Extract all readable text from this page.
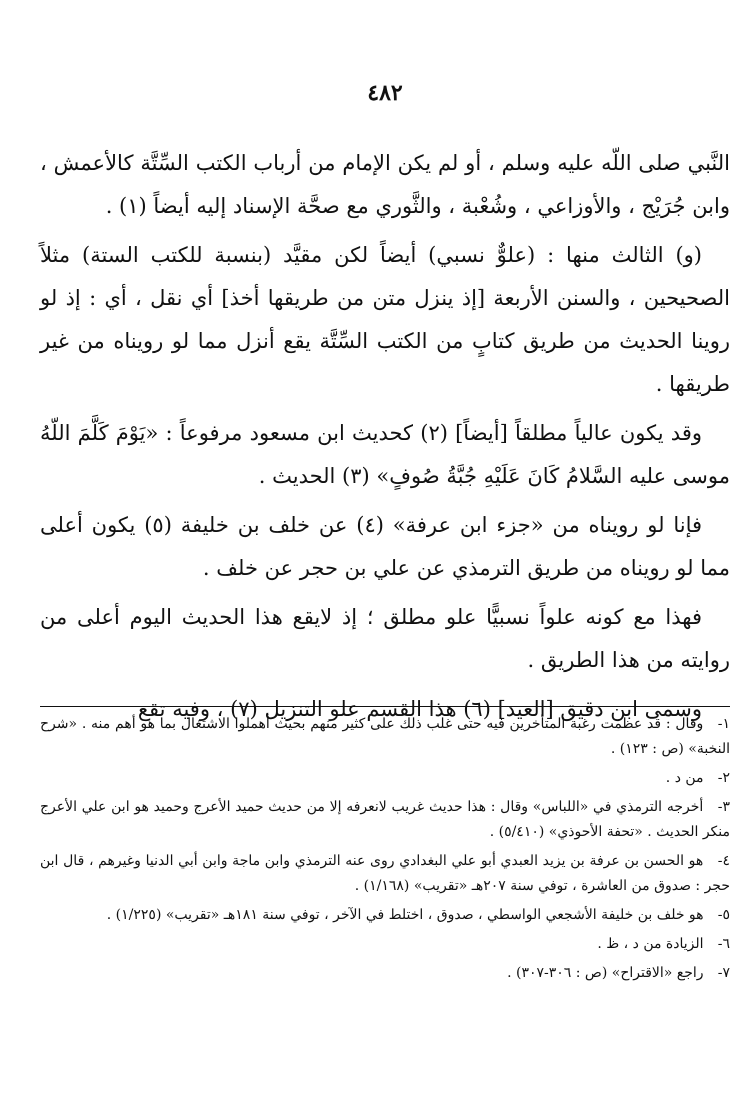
٤٨٢

النَّبي صلى اللّه عليه وسلم ، أو لم يكن الإمام من أرباب الكتب السِّتَّة كالأعمش ، وابن جُرَيْج ، والأوزاعي ، وشُعْبة ، والثَّوري مع صحَّة الإسناد إليه أيضاً (١) .

(و) الثالث منها : (علوٌّ نسبي) أيضاً لكن مقيَّد (بنسبة للكتب الستة) مثلاً الصحيحين ، والسنن الأربعة [إذ ينزل متن من طريقها أخذ] أي نقل ، أي : إذ لو روينا الحديث من طريق كتابٍ من الكتب السِّتَّة يقع أنزل مما لو رويناه من غير طريقها .

وقد يكون عالياً مطلقاً [أيضاً] (٢) كحديث ابن مسعود مرفوعاً : «يَوْمَ كَلَّمَ اللّهُ موسى عليه السَّلامُ كَانَ عَلَيْهِ جُبَّةُ صُوفٍ» (٣) الحديث .

فإنا لو رويناه من «جزء ابن عرفة» (٤) عن خلف بن خليفة (٥) يكون أعلى مما لو رويناه من طريق الترمذي عن علي بن حجر عن خلف .

فهذا مع كونه علواً نسبيًّا علو مطلق ؛ إذ لايقع هذا الحديث اليوم أعلى من روايته من هذا الطريق .

وسمى ابن دقيق [العيد] (٦) هذا القسم علو التنزيل (٧) ، وفيه تقع

١- وقال : قد عظمت رغبة المتأخرين فيه حتى غلب ذلك على كثير منهم بحيث أهملوا الاشتغال بما هو أهم منه . «شرح النخبة» (ص : ١٢٣) .
٢- من د .
٣- أخرجه الترمذي في «اللباس» وقال : هذا حديث غريب لانعرفه إلا من حديث حميد الأعرج وحميد هو ابن علي الأعرج منكر الحديث . «تحفة الأحوذي» (٥/٤١٠) .
٤- هو الحسن بن عرفة بن يزيد العبدي أبو علي البغدادي روى عنه الترمذي وابن ماجة وابن أبي الدنيا وغيرهم ، قال ابن حجر : صدوق من العاشرة ، توفي سنة ٢٠٧هـ «تقريب» (١/١٦٨) .
٥- هو خلف بن خليفة الأشجعي الواسطي ، صدوق ، اختلط في الآخر ، توفي سنة ١٨١هـ «تقريب» (١/٢٢٥) .
٦- الزيادة من د ، ظ .
٧- راجع «الاقتراح» (ص : ٣٠٦-٣٠٧) .
